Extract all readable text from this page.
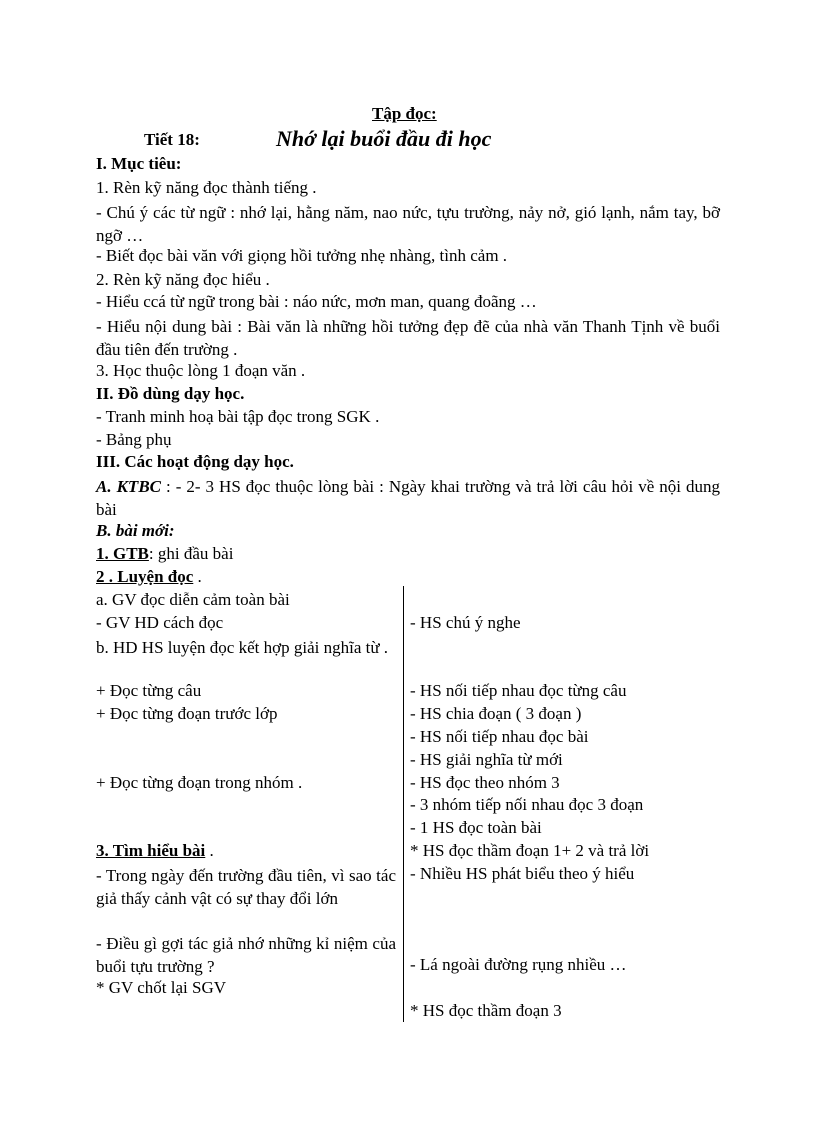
Tập đọc:
Tiết 18:	Nhớ lại buổi đầu đi học
I. Mục tiêu:
1. Rèn kỹ năng đọc thành tiếng .
- Chú ý các từ ngữ : nhớ lại, hằng năm, nao nức, tựu trường, nảy nở, gió lạnh, nắm tay, bỡ ngỡ …
- Biết đọc bài văn với giọng hồi tưởng nhẹ nhàng, tình cảm .
2. Rèn kỹ năng đọc hiểu .
- Hiểu ccá từ ngữ trong bài : náo nức, mơn man, quang đoãng …
- Hiểu nội dung bài : Bài văn là những hồi tưởng đẹp đẽ của nhà văn Thanh Tịnh về buổi đầu tiên đến trường .
3. Học thuộc lòng 1 đoạn văn .
II. Đồ dùng dạy học.
- Tranh minh hoạ bài tập đọc trong SGK .
- Bảng phụ
III. Các hoạt động dạy học.
A. KTBC : - 2- 3 HS đọc thuộc lòng bài : Ngày khai trường và trả lời câu hỏi về nội dung bài
B. bài mới:
1. GTB: ghi đầu bài
2 . Luyện đọc .
a. GV đọc diễn cảm toàn bài
- GV HD cách đọc
b. HD HS luyện đọc kết hợp giải nghĩa từ .
+ Đọc từng câu
+ Đọc từng đoạn trước lớp
+ Đọc từng đoạn trong nhóm .
3. Tìm hiểu bài .
- Trong ngày đến trường đầu tiên, vì sao tác giả thấy cảnh vật có sự thay đổi lớn
- Điều gì gợi tác giả nhớ những kỉ niệm của buổi tựu trường ?
* GV chốt lại SGV
- HS chú ý nghe
- HS nối tiếp nhau đọc từng câu
- HS chia đoạn ( 3 đoạn )
- HS nối tiếp nhau đọc bài
- HS giải nghĩa từ mới
- HS đọc theo nhóm 3
- 3 nhóm tiếp nối nhau đọc 3 đoạn
- 1 HS đọc toàn bài
* HS đọc thầm đoạn 1+ 2 và trả lời
- Nhiều HS phát biểu theo ý hiểu
- Lá ngoài đường rụng nhiều …
* HS đọc thầm đoạn 3
